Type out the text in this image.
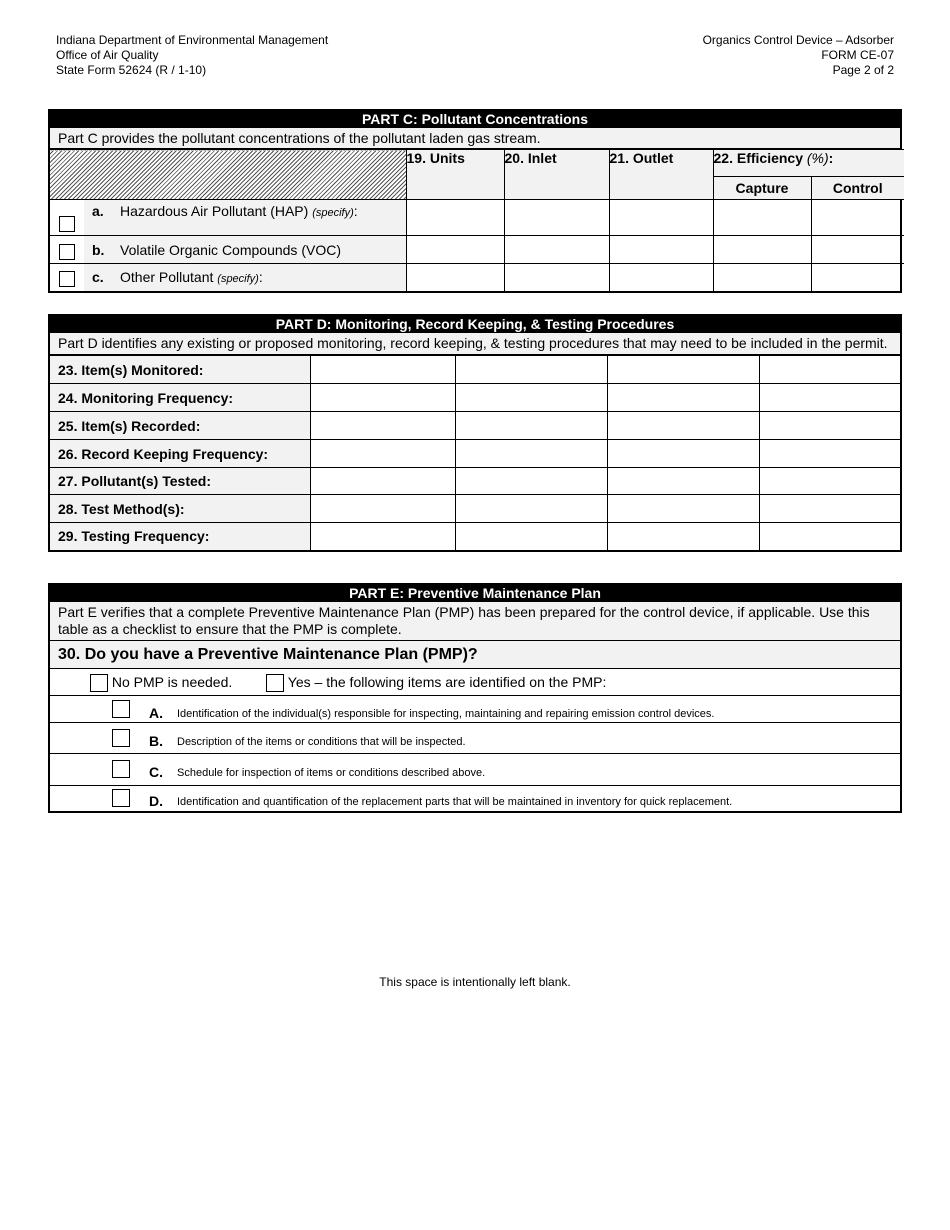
Indiana Department of Environmental Management
Office of Air Quality
State Form 52624 (R / 1-10)
Organics Control Device – Adsorber
FORM CE-07
Page 2 of 2
PART C: Pollutant Concentrations
Part C provides the pollutant concentrations of the pollutant laden gas stream.
		19. Units	20. Inlet	21. Outlet	22. Efficiency (%):	
					Capture	Control
	a. Hazardous Air Pollutant (HAP) (specify):					
	b. Volatile Organic Compounds (VOC)					
	c. Other Pollutant (specify):					
PART D: Monitoring, Record Keeping, & Testing Procedures
Part D identifies any existing or proposed monitoring, record keeping, & testing procedures that may need to be included in the permit.
23. Item(s) Monitored:				
24. Monitoring Frequency:				
25. Item(s) Recorded:				
26. Record Keeping Frequency:				
27. Pollutant(s) Tested:				
28. Test Method(s):				
29. Testing Frequency:				
PART E: Preventive Maintenance Plan
Part E verifies that a complete Preventive Maintenance Plan (PMP) has been prepared for the control device, if applicable. Use this table as a checklist to ensure that the PMP is complete.
30. Do you have a Preventive Maintenance Plan (PMP)?
No PMP is needed.	Yes – the following items are identified on the PMP:
A. Identification of the individual(s) responsible for inspecting, maintaining and repairing emission control devices.
B. Description of the items or conditions that will be inspected.
C. Schedule for inspection of items or conditions described above.
D. Identification and quantification of the replacement parts that will be maintained in inventory for quick replacement.
This space is intentionally left blank.
